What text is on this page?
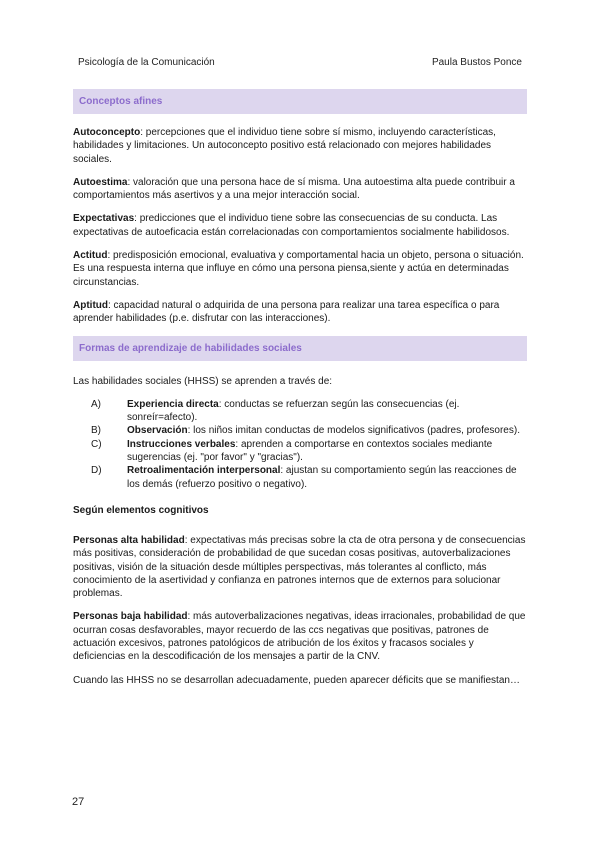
Psicología de la Comunicación	Paula Bustos Ponce
Conceptos afines

Autoconcepto: percepciones que el individuo tiene sobre sí mismo, incluyendo características, habilidades y limitaciones. Un autoconcepto positivo está relacionado con mejores habilidades sociales.

Autoestima: valoración que una persona hace de sí misma. Una autoestima alta puede contribuir a comportamientos más asertivos y a una mejor interacción social.

Expectativas: predicciones que el individuo tiene sobre las consecuencias de su conducta. Las expectativas de autoeficacia están correlacionadas con comportamientos socialmente habilidosos.

Actitud: predisposición emocional, evaluativa y comportamental hacia un objeto, persona o situación. Es una respuesta interna que influye en cómo una persona piensa,siente y actúa en determinadas circunstancias.

Aptitud: capacidad natural o adquirida de una persona para realizar una tarea específica o para aprender habilidades (p.e. disfrutar con las interacciones).

Formas de aprendizaje de habilidades sociales

Las habilidades sociales (HHSS) se aprenden a través de:

A)	Experiencia directa: conductas se refuerzan según las consecuencias (ej. sonreír=afecto).
B)	Observación: los niños imitan conductas de modelos significativos (padres, profesores).
C)	Instrucciones verbales: aprenden a comportarse en contextos sociales mediante sugerencias (ej. "por favor" y "gracias").
D)	Retroalimentación interpersonal: ajustan su comportamiento según las reacciones de los demás (refuerzo positivo o negativo).
Según elementos cognitivos

Personas alta habilidad: expectativas más precisas sobre la cta de otra persona y de consecuencias más positivas, consideración de probabilidad de que sucedan cosas positivas, autoverbalizaciones positivas, visión de la situación desde múltiples perspectivas, más tolerantes al conflicto, más conocimiento de la asertividad y confianza en patrones internos que de externos para solucionar problemas.

Personas baja habilidad: más autoverbalizaciones negativas, ideas irracionales, probabilidad de que ocurran cosas desfavorables, mayor recuerdo de las ccs negativas que positivas, patrones de actuación excesivos, patrones patológicos de atribución de los éxitos y fracasos sociales y deficiencias en la descodificación de los mensajes a partir de la CNV.

Cuando las HHSS no se desarrollan adecuadamente, pueden aparecer déficits que se manifiestan…

27
